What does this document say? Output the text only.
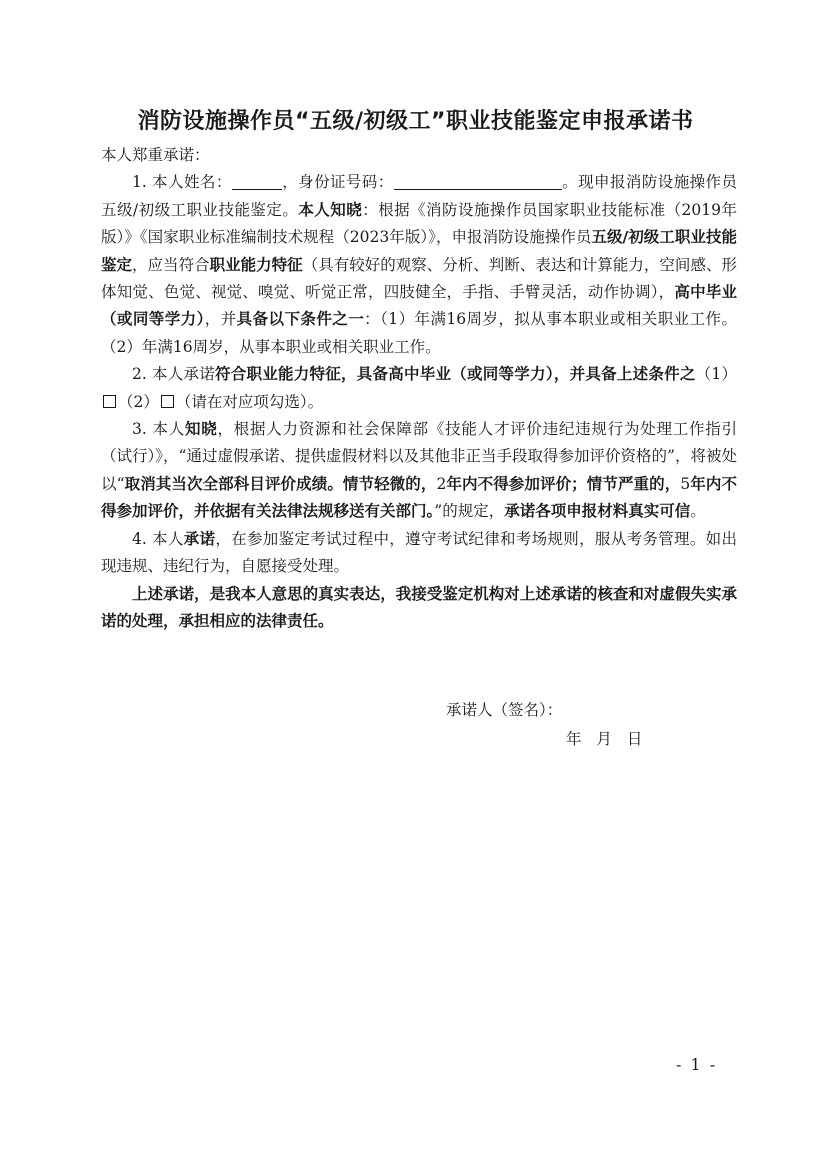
消防设施操作员“五级/初级工”职业技能鉴定申报承诺书

本人郑重承诺：

1. 本人姓名：	，身份证号码：	。现申报消防设施操作员五级/初级工职业技能鉴定。本人知晓：根据《消防设施操作员国家职业技能标准（2019年版）》《国家职业标准编制技术规程（2023年版）》，申报消防设施操作员五级/初级工职业技能鉴定，应当符合职业能力特征（具有较好的观察、分析、判断、表达和计算能力，空间感、形体知觉、色觉、视觉、嗅觉、听觉正常，四肢健全，手指、手臂灵活，动作协调），高中毕业（或同等学力），并具备以下条件之一：（1）年满16周岁，拟从事本职业或相关职业工作。（2）年满16周岁，从事本职业或相关职业工作。

2. 本人承诺符合职业能力特征，具备高中毕业（或同等学力），并具备上述条件之（1）（2） （请在对应项勾选）。

3. 本人知晓，根据人力资源和社会保障部《技能人才评价违纪违规行为处理工作指引（试行）》，“通过虚假承诺、提供虚假材料以及其他非正当手段取得参加评价资格的”，将被处以“取消其当次全部科目评价成绩。情节轻微的，2年内不得参加评价；情节严重的，5年内不得参加评价，并依据有关法律法规移送有关部门。”的规定，承诺各项申报材料真实可信。

4. 本人承诺，在参加鉴定考试过程中，遵守考试纪律和考场规则，服从考务管理。如出现违规、违纪行为，自愿接受处理。

上述承诺，是我本人意思的真实表达，我接受鉴定机构对上述承诺的核查和对虚假失实承诺的处理，承担相应的法律责任。

承诺人（签名）：
年 月 日
- 1 -
